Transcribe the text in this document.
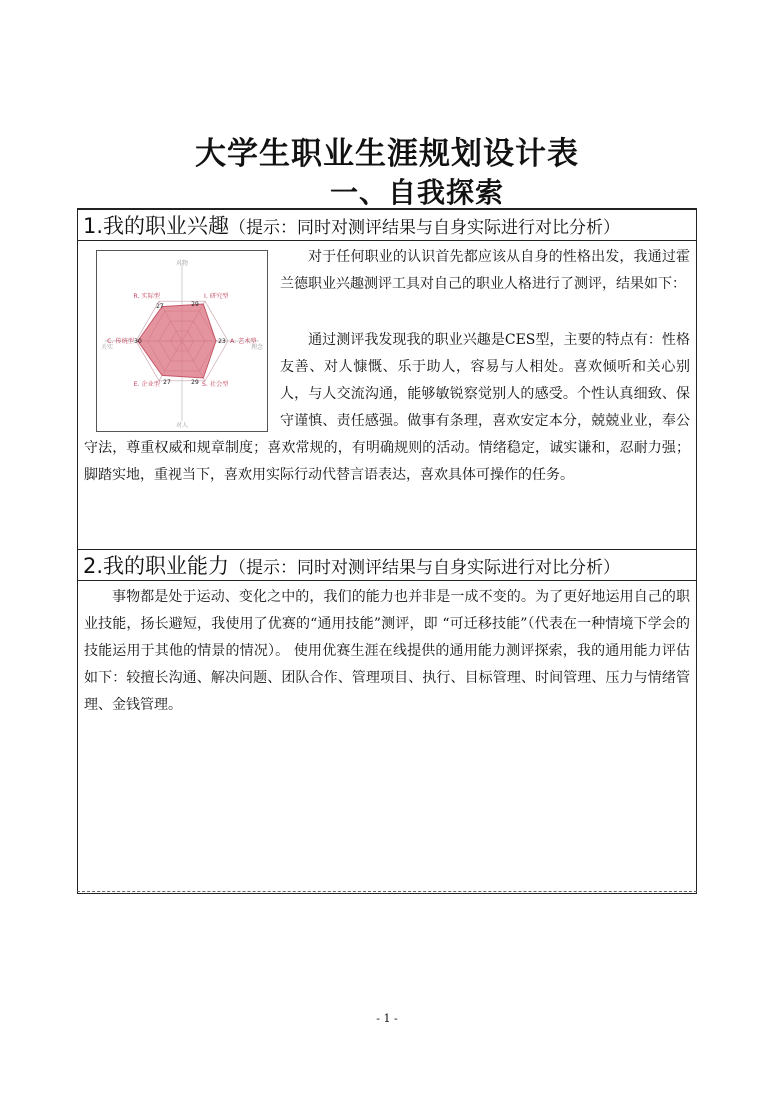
大学生职业生涯规划设计表
一、自我探索
1.我的职业兴趣（提示：同时对测评结果与自身实际进行对比分析）
I. 研究型
29
A. 艺术型
23
S. 社会型
29
E. 企业型 27
C. 传统型 30
R. 实际型
27
对物
对人
关实	理念

对于任何职业的认识首先都应该从自身的性格出发，我通过霍兰德职业兴趣测评工具对自己的职业人格进行了测评，结果如下：

　　通过测评我发现我的职业兴趣是CES型，主要的特点有：性格友善、对人慷慨、乐于助人，容易与人相处。喜欢倾听和关心别人，与人交流沟通，能够敏锐察觉别人的感受。个性认真细致、保守谨慎、责任感强。做事有条理，喜欢安定本分，兢兢业业，奉公守法，尊重权威和规章制度；喜欢常规的，有明确规则的活动。情绪稳定，诚实谦和，忍耐力强；脚踏实地，重视当下，喜欢用实际行动代替言语表达，喜欢具体可操作的任务。

2.我的职业能力（提示：同时对测评结果与自身实际进行对比分析）

事物都是处于运动、变化之中的，我们的能力也并非是一成不变的。为了更好地运用自己的职业技能，扬长避短，我使用了优赛的“通用技能”测评，即 “可迁移技能”（代表在一种情境下学会的技能运用于其他的情景的情况）。 使用优赛生涯在线提供的通用能力测评探索，我的通用能力评估如下：较擅长沟通、解决问题、团队合作、管理项目、执行、目标管理、时间管理、压力与情绪管理、金钱管理。

- 1 -
